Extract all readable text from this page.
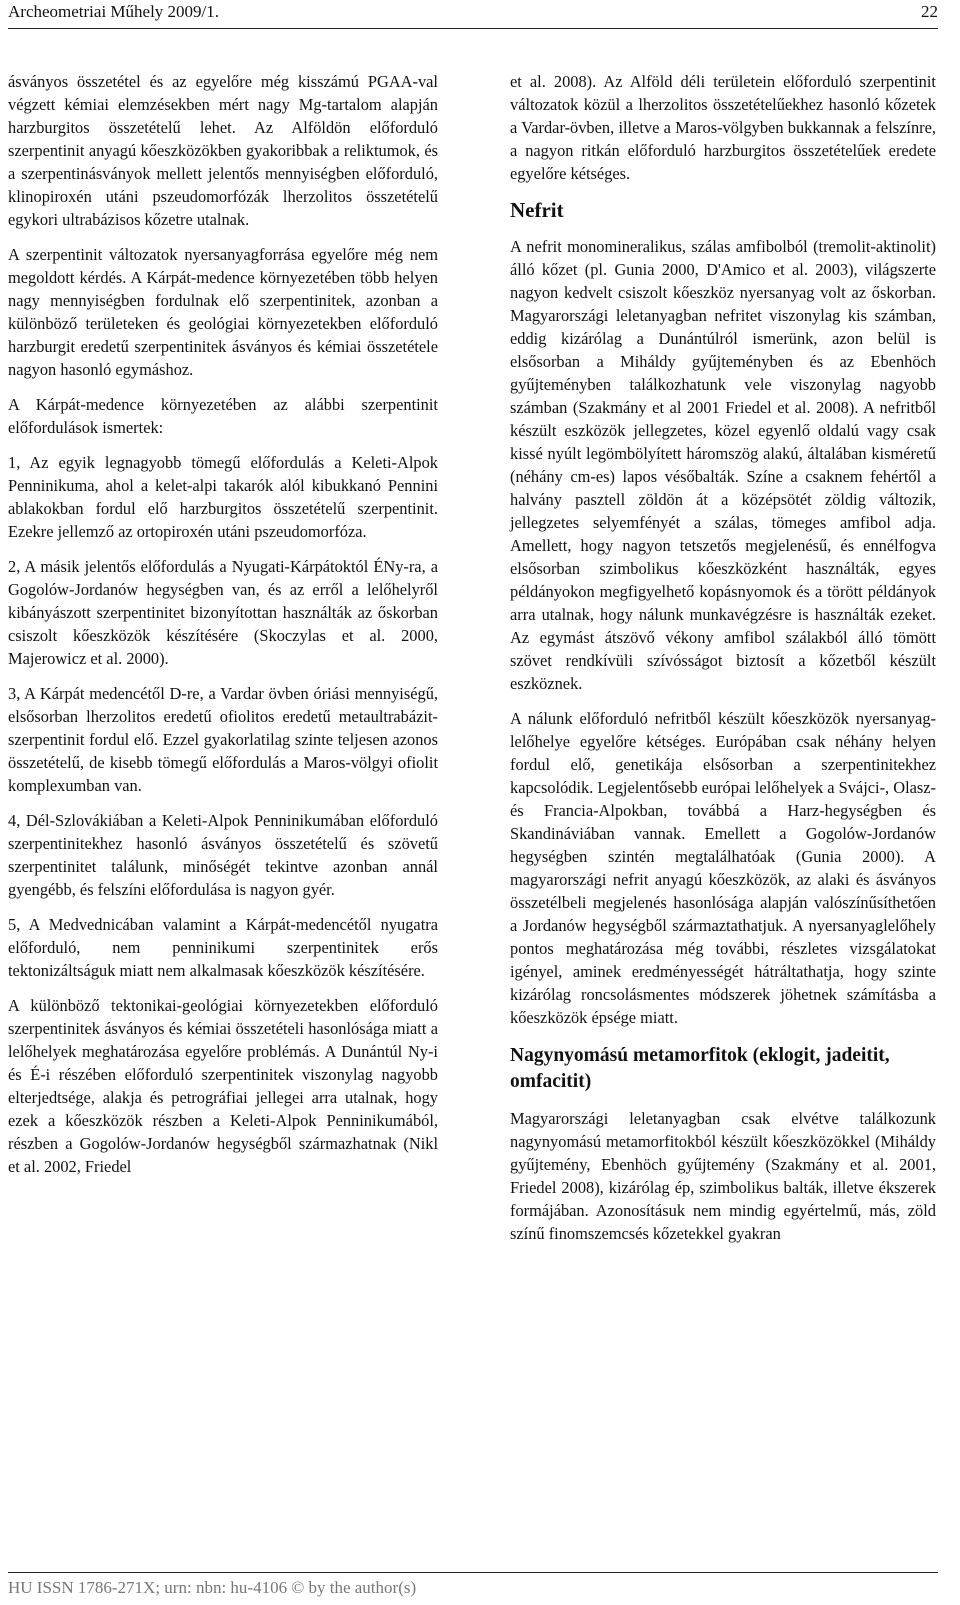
Archeometriai Műhely 2009/1.	22

ásványos összetétel és az egyelőre még kisszámú PGAA-val végzett kémiai elemzésekben mért nagy Mg-tartalom alapján harzburgitos összetételű lehet. Az Alföldön előforduló szerpentinit anyagú kőeszközökben gyakoribbak a reliktumok, és a szerpentinásványok mellett jelentős mennyiségben előforduló, klinopiroxén utáni pszeudomorfózák lherzolitos összetételű egykori ultrabázisos kőzetre utalnak.

A szerpentinit változatok nyersanyagforrása egyelőre még nem megoldott kérdés. A Kárpát-medence környezetében több helyen nagy mennyiségben fordulnak elő szerpentinitek, azonban a különböző területeken és geológiai környezetekben előforduló harzburgit eredetű szerpentinitek ásványos és kémiai összetétele nagyon hasonló egymáshoz.

A Kárpát-medence környezetében az alábbi szerpentinit előfordulások ismertek:

1, Az egyik legnagyobb tömegű előfordulás a Keleti-Alpok Penninikuma, ahol a kelet-alpi takarók alól kibukkanó Pennini ablakokban fordul elő harzburgitos összetételű szerpentinit. Ezekre jellemző az ortopiroxén utáni pszeudomorfóza.

2, A másik jelentős előfordulás a Nyugati-Kárpátoktól ÉNy-ra, a Gogolów-Jordanów hegységben van, és az erről a lelőhelyről kibányászott szerpentinitet bizonyítottan használták az őskorban csiszolt kőeszközök készítésére (Skoczylas et al. 2000, Majerowicz et al. 2000).

3, A Kárpát medencétől D-re, a Vardar övben óriási mennyiségű, elsősorban lherzolitos eredetű ofiolitos eredetű metaultrabázit-szerpentinit fordul elő. Ezzel gyakorlatilag szinte teljesen azonos összetételű, de kisebb tömegű előfordulás a Maros-völgyi ofiolit komplexumban van.

4, Dél-Szlovákiában a Keleti-Alpok Penninikumában előforduló szerpentinitekhez hasonló ásványos összetételű és szövetű szerpentinitet találunk, minőségét tekintve azonban annál gyengébb, és felszíni előfordulása is nagyon gyér.

5, A Medvednicában valamint a Kárpát-medencétől nyugatra előforduló, nem penninikumi szerpentinitek erős tektonizáltságuk miatt nem alkalmasak kőeszközök készítésére.

A különböző tektonikai-geológiai környezetekben előforduló szerpentinitek ásványos és kémiai összetételi hasonlósága miatt a lelőhelyek meghatározása egyelőre problémás. A Dunántúl Ny-i és É-i részében előforduló szerpentinitek viszonylag nagyobb elterjedtsége, alakja és petrográfiai jellegei arra utalnak, hogy ezek a kőeszközök részben a Keleti-Alpok Penninikumából, részben a Gogolów-Jordanów hegységből származhatnak (Nikl et al. 2002, Friedel

et al. 2008). Az Alföld déli területein előforduló szerpentinit változatok közül a lherzolitos összetételűekhez hasonló kőzetek a Vardar-övben, illetve a Maros-völgyben bukkannak a felszínre, a nagyon ritkán előforduló harzburgitos összetételűek eredete egyelőre kétséges.

Nefrit

A nefrit monomineralikus, szálas amfibolból (tremolit-aktinolit) álló kőzet (pl. Gunia 2000, D'Amico et al. 2003), világszerte nagyon kedvelt csiszolt kőeszköz nyersanyag volt az őskorban. Magyarországi leletanyagban nefritet viszonylag kis számban, eddig kizárólag a Dunántúlról ismerünk, azon belül is elsősorban a Miháldy gyűjteményben és az Ebenhöch gyűjteményben találkozhatunk vele viszonylag nagyobb számban (Szakmány et al 2001 Friedel et al. 2008). A nefritből készült eszközök jellegzetes, közel egyenlő oldalú vagy csak kissé nyúlt legömbölyített háromszög alakú, általában kisméretű (néhány cm-es) lapos vésőbalták. Színe a csaknem fehértől a halvány pasztell zöldön át a középsötét zöldig változik, jellegzetes selyemfényét a szálas, tömeges amfibol adja. Amellett, hogy nagyon tetszetős megjelenésű, és ennélfogva elsősorban szimbolikus kőeszközként használták, egyes példányokon megfigyelhető kopásnyomok és a törött példányok arra utalnak, hogy nálunk munkavégzésre is használták ezeket. Az egymást átszövő vékony amfibol szálakból álló tömött szövet rendkívüli szívósságot biztosít a kőzetből készült eszköznek.

A nálunk előforduló nefritből készült kőeszközök nyersanyag-lelőhelye egyelőre kétséges. Európában csak néhány helyen fordul elő, genetikája elsősorban a szerpentinitekhez kapcsolódik. Legjelentősebb európai lelőhelyek a Svájci-, Olasz- és Francia-Alpokban, továbbá a Harz-hegységben és Skandináviában vannak. Emellett a Gogolów-Jordanów hegységben szintén megtalálhatóak (Gunia 2000). A magyarországi nefrit anyagú kőeszközök, az alaki és ásványos összetélbeli megjelenés hasonlósága alapján valószínűsíthetően a Jordanów hegységből származtathatjuk. A nyersanyaglelőhely pontos meghatározása még további, részletes vizsgálatokat igényel, aminek eredményességét hátráltathatja, hogy szinte kizárólag roncsolásmentes módszerek jöhetnek számításba a kőeszközök épsége miatt.

Nagynyomású metamorfitok (eklogit, jadeitit, omfacitit)

Magyarországi leletanyagban csak elvétve találkozunk nagynyomású metamorfitokból készült kőeszközökkel (Miháldy gyűjtemény, Ebenhöch gyűjtemény (Szakmány et al. 2001, Friedel 2008), kizárólag ép, szimbolikus balták, illetve ékszerek formájában. Azonosításuk nem mindig egyértelmű, más, zöld színű finomszemcsés kőzetekkel gyakran

HU ISSN 1786-271X; urn: nbn: hu-4106 © by the author(s)
